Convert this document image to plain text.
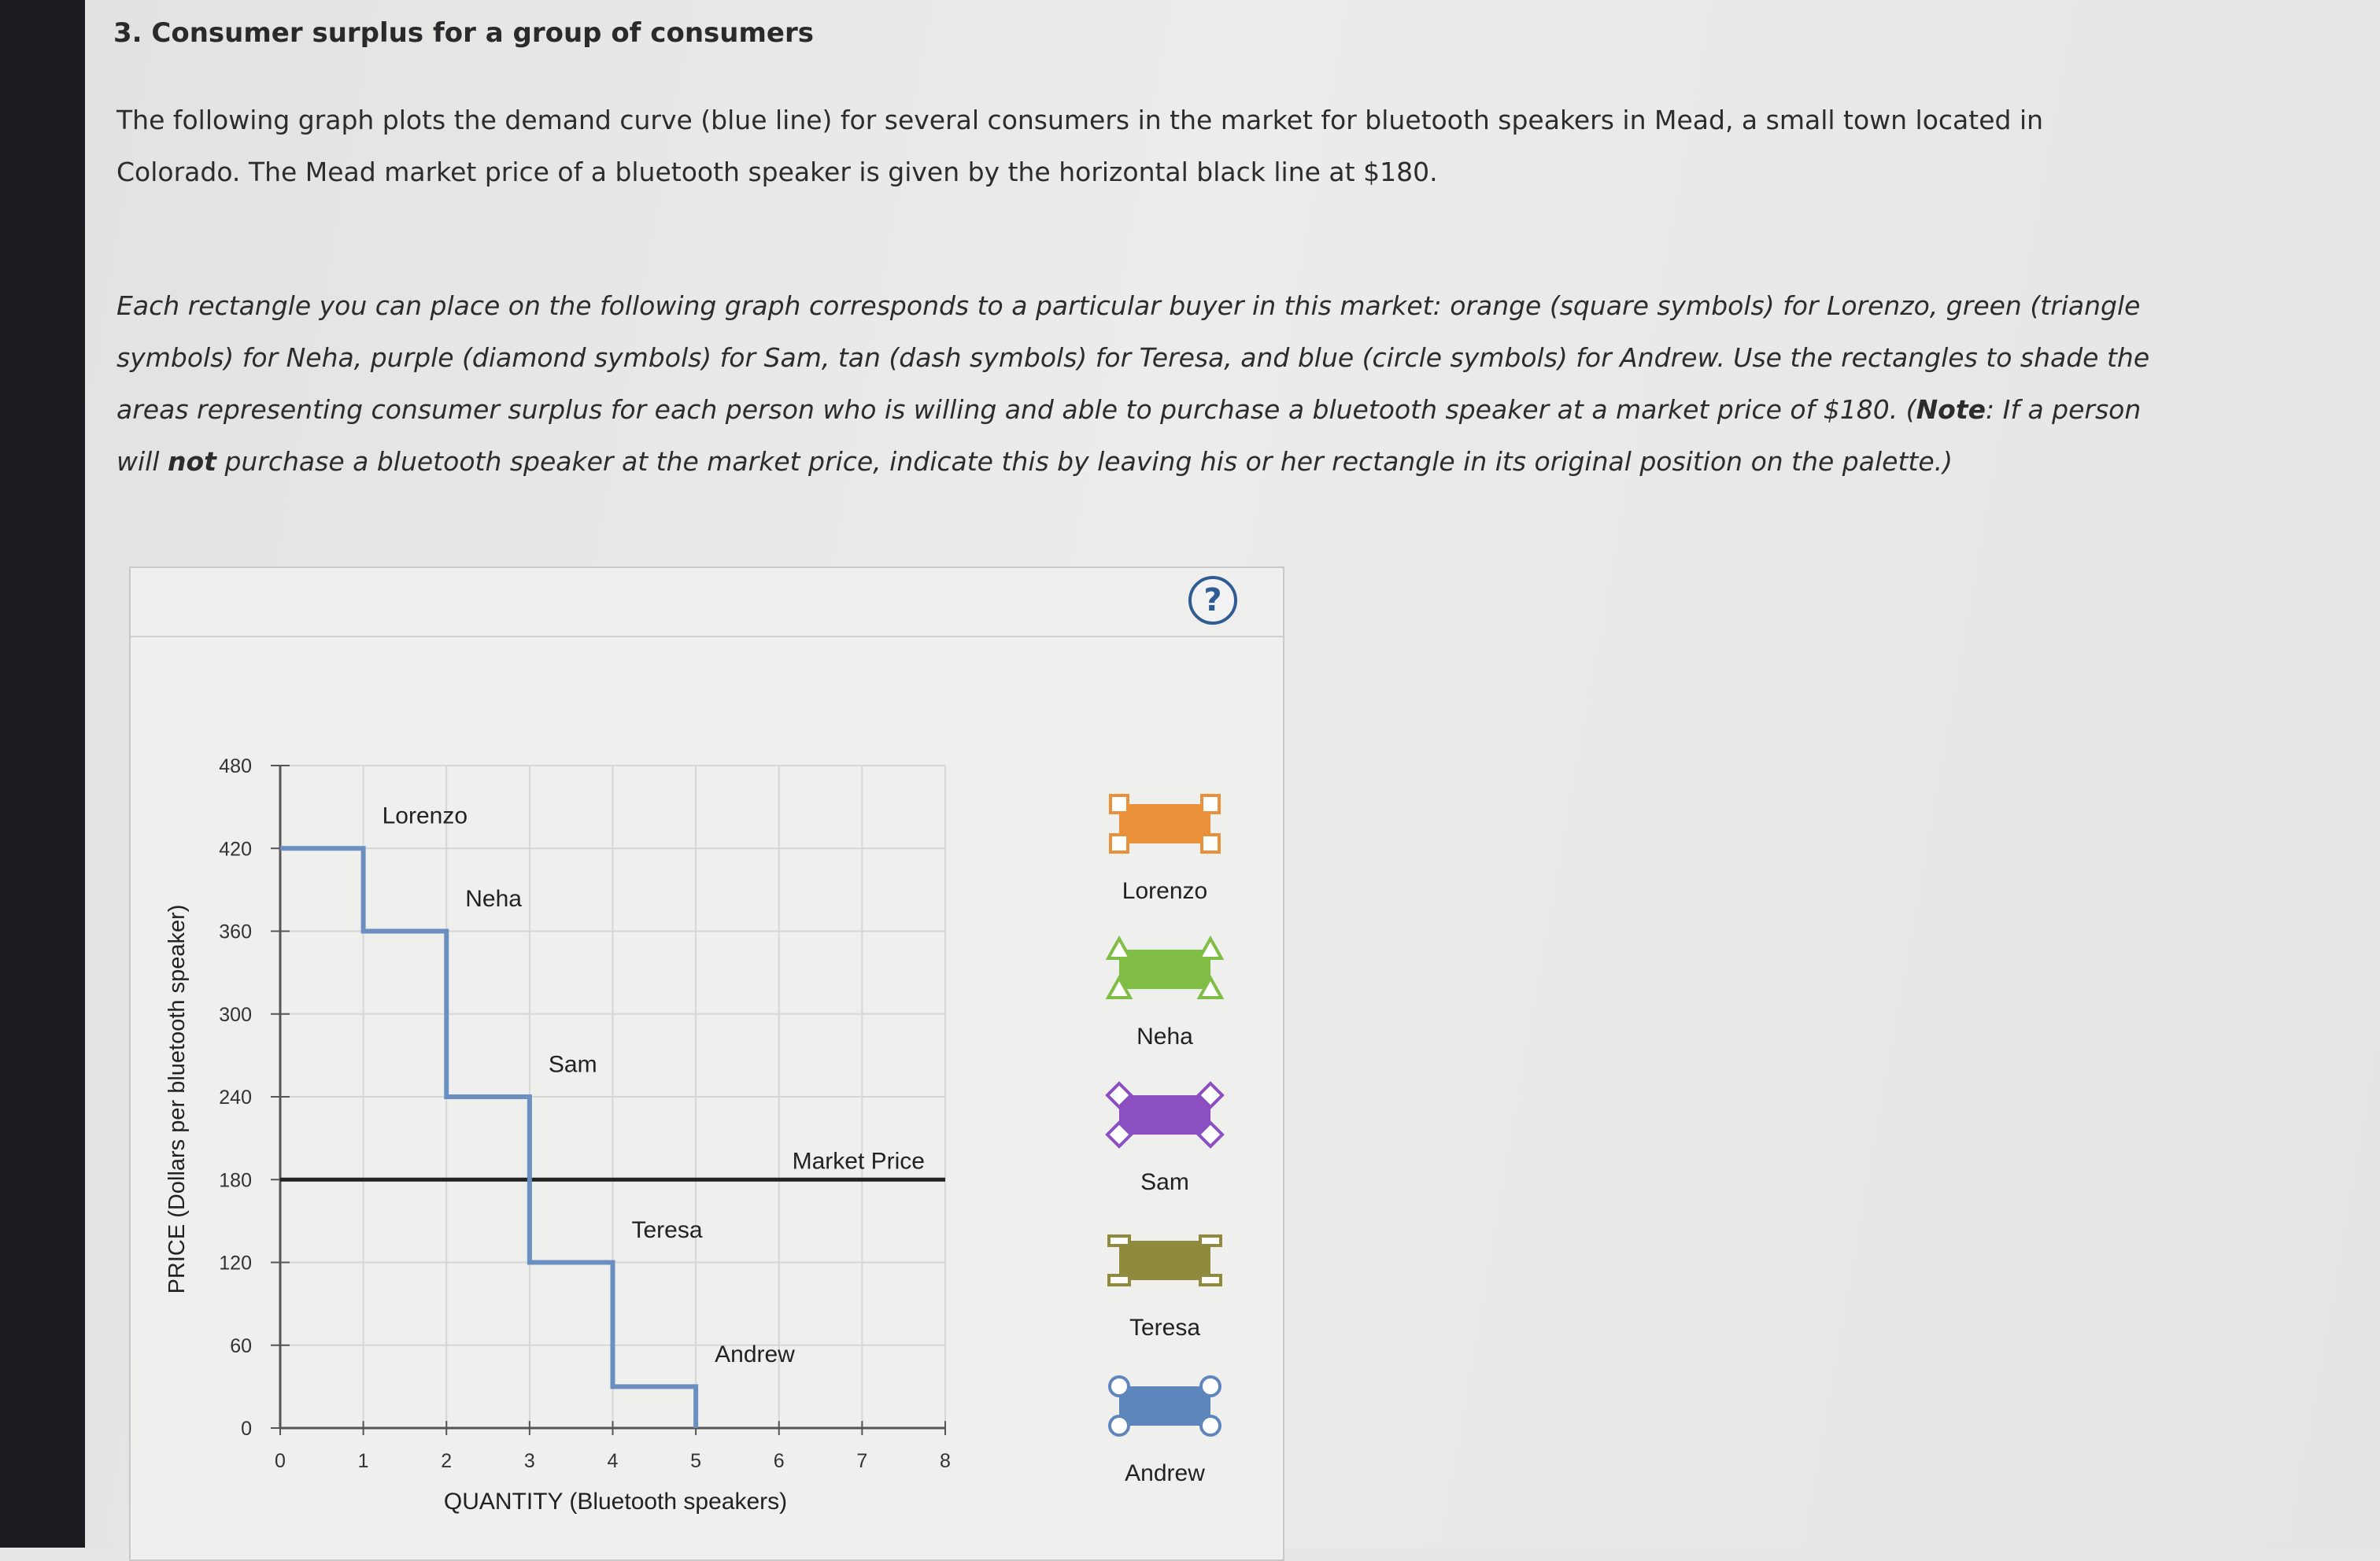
3. Consumer surplus for a group of consumers
The following graph plots the demand curve (blue line) for several consumers in the market for bluetooth speakers in Mead, a small town located in Colorado. The Mead market price of a bluetooth speaker is given by the horizontal black line at $180.
Each rectangle you can place on the following graph corresponds to a particular buyer in this market: orange (square symbols) for Lorenzo, green (triangle symbols) for Neha, purple (diamond symbols) for Sam, tan (dash symbols) for Teresa, and blue (circle symbols) for Andrew. Use the rectangles to shade the areas representing consumer surplus for each person who is willing and able to purchase a bluetooth speaker at a market price of $180. (Note: If a person will not purchase a bluetooth speaker at the market price, indicate this by leaving his or her rectangle in its original position on the palette.)
?
0	1	2	3	4	5	6	7	8
0
60
120
180
240
300
360
420
480
Market Price
Lorenzo
Neha
Sam
Teresa
Andrew
PRICE (Dollars per bluetooth speaker)
QUANTITY (Bluetooth speakers)
Lorenzo
Neha
Sam
Teresa
Andrew
